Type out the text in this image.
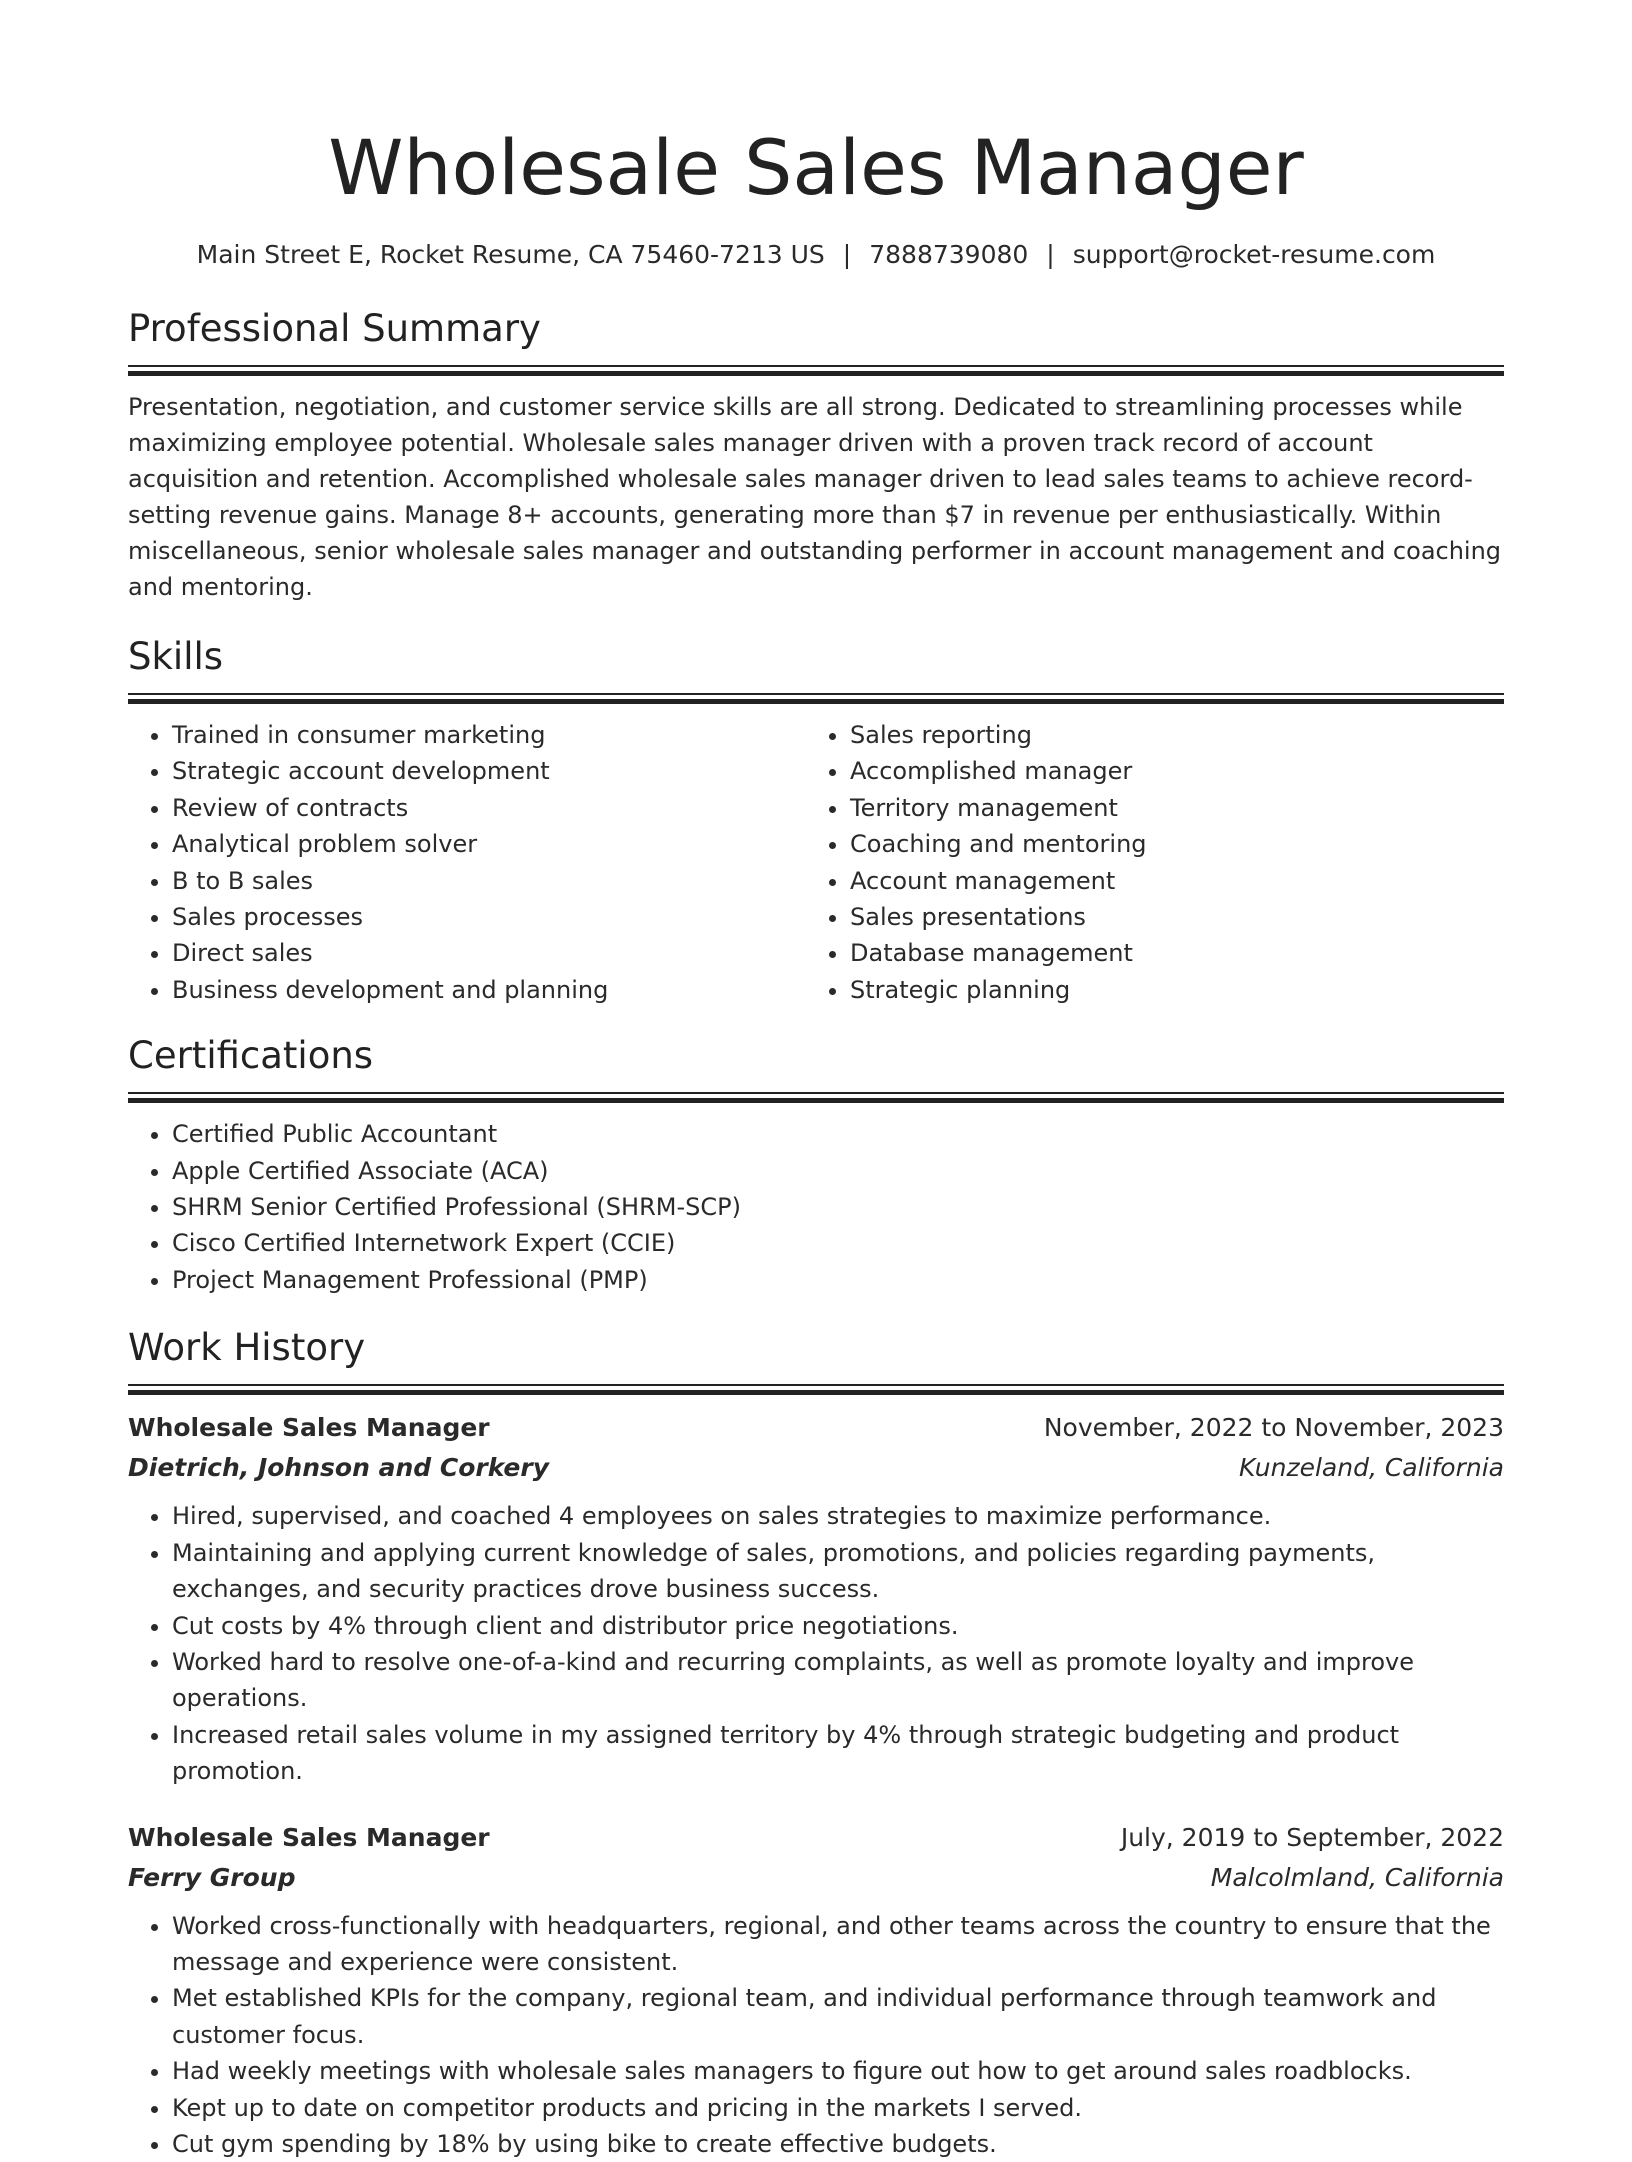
Wholesale Sales Manager
Main Street E, Rocket Resume, CA 75460-7213 US | 7888739080 | support@rocket-resume.com
Professional Summary
Presentation, negotiation, and customer service skills are all strong. Dedicated to streamlining processes while maximizing employee potential. Wholesale sales manager driven with a proven track record of account acquisition and retention. Accomplished wholesale sales manager driven to lead sales teams to achieve record-setting revenue gains. Manage 8+ accounts, generating more than $7 in revenue per enthusiastically. Within miscellaneous, senior wholesale sales manager and outstanding performer in account management and coaching and mentoring.
Skills
• Trained in consumer marketing
• Strategic account development
• Review of contracts
• Analytical problem solver
• B to B sales
• Sales processes
• Direct sales
• Business development and planning
• Sales reporting
• Accomplished manager
• Territory management
• Coaching and mentoring
• Account management
• Sales presentations
• Database management
• Strategic planning
Certifications
• Certified Public Accountant
• Apple Certified Associate (ACA)
• SHRM Senior Certified Professional (SHRM-SCP)
• Cisco Certified Internetwork Expert (CCIE)
• Project Management Professional (PMP)
Work History
Wholesale Sales Manager	November, 2022 to November, 2023
Dietrich, Johnson and Corkery	Kunzeland, California
• Hired, supervised, and coached 4 employees on sales strategies to maximize performance.
• Maintaining and applying current knowledge of sales, promotions, and policies regarding payments, exchanges, and security practices drove business success.
• Cut costs by 4% through client and distributor price negotiations.
• Worked hard to resolve one-of-a-kind and recurring complaints, as well as promote loyalty and improve operations.
• Increased retail sales volume in my assigned territory by 4% through strategic budgeting and product promotion.
Wholesale Sales Manager	July, 2019 to September, 2022
Ferry Group	Malcolmland, California
• Worked cross-functionally with headquarters, regional, and other teams across the country to ensure that the message and experience were consistent.
• Met established KPIs for the company, regional team, and individual performance through teamwork and customer focus.
• Had weekly meetings with wholesale sales managers to figure out how to get around sales roadblocks.
• Kept up to date on competitor products and pricing in the markets I served.
• Cut gym spending by 18% by using bike to create effective budgets.
